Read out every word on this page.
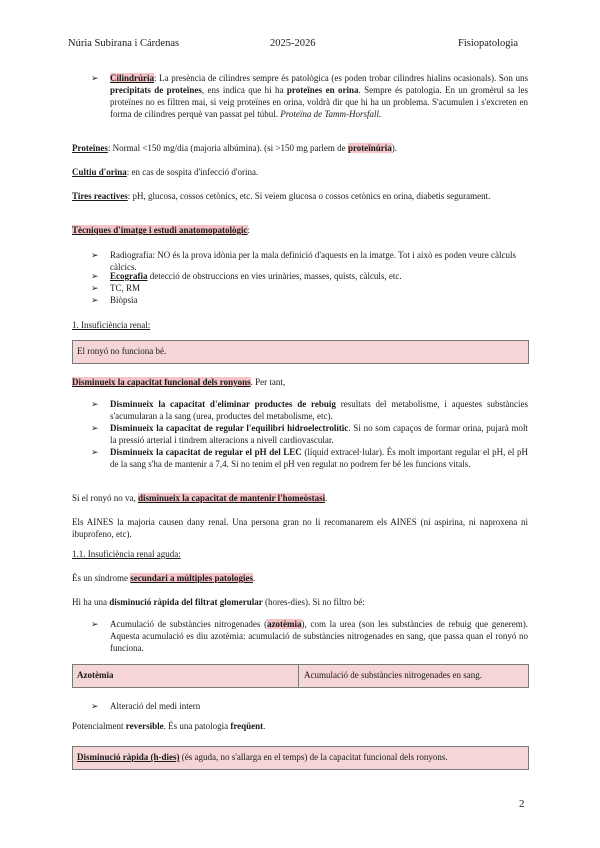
Núria Subirana i Cárdenas	2025-2026	Fisiopatologia
➢ Cilindrúria: La presència de cilindres sempre és patològica (es poden trobar cilindres hialins ocasionals). Son uns precipitats de proteïnes, ens indica que hi ha proteïnes en orina. Sempre és patologia. En un gromèrul sa les proteïnes no es filtren mai, si veig proteïnes en orina, voldrà dir que hi ha un problema. S'acumulen i s'excreten en forma de cilindres perquè van passat pel túbul. Proteïna de Tamm-Horsfall.
Proteïnes: Normal <150 mg/dia (majoria albúmina). (si >150 mg parlem de proteïnúria).
Cultiu d'orina: en cas de sospita d'infecció d'orina.
Tires reactives: pH, glucosa, cossos cetònics, etc. Si veiem glucosa o cossos cetònics en orina, diabetis segurament.
Tècniques d'imatge i estudi anatomopatològic:
➢ Radiografia: NO és la prova idònia per la mala definició d'aquests en la imatge. Tot i això es poden veure càlculs càlcics.
➢ Ecografia detecció de obstruccions en vies urinàries, masses, quists, càlculs, etc.
➢ TC, RM
➢ Biòpsia
1. Insuficiència renal:
El ronyó no funciona bé.
Disminueix la capacitat funcional dels ronyons. Per tant,
➢ Disminueix la capacitat d'eliminar productes de rebuig resultats del metabolisme, i aquestes substàncies s'acumularan a la sang (urea, productes del metabolisme, etc).
➢ Disminueix la capacitat de regular l'equilibri hidroelectrolític. Si no som capaços de formar orina, pujarà molt la pressió arterial i tindrem alteracions a nivell cardiovascular.
➢ Disminueix la capacitat de regular el pH del LEC (líquid extracel·lular). És molt important regular el pH, el pH de la sang s'ha de mantenir a 7,4. Si no tenim el pH ven regulat no podrem fer bé les funcions vitals.
Si el ronyó no va, disminueix la capacitat de mantenir l'homeòstasi.
Els AINES la majoria causen dany renal. Una persona gran no li recomanarem els AINES (ni aspirina, ni naproxena ni ibuprofeno, etc).
1.1. Insuficiència renal aguda:
És un síndrome secundari a múltiples patologies.
Hi ha una disminució ràpida del filtrat glomerular (hores-dies). Si no filtro bé:
➢ Acumulació de substàncies nitrogenades (azotèmia), com la urea (son les substàncies de rebuig que generem). Aquesta acumulació es diu azotèmia: acumulació de substàncies nitrogenades en sang, que passa quan el ronyó no funciona.
Azotèmia	Acumulació de substàncies nitrogenades en sang.
➢ Alteració del medi intern
Potencialment reversible. És una patologia freqüent.
Disminució ràpida (h-dies) (és aguda, no s'allarga en el temps) de la capacitat funcional dels ronyons.
2
